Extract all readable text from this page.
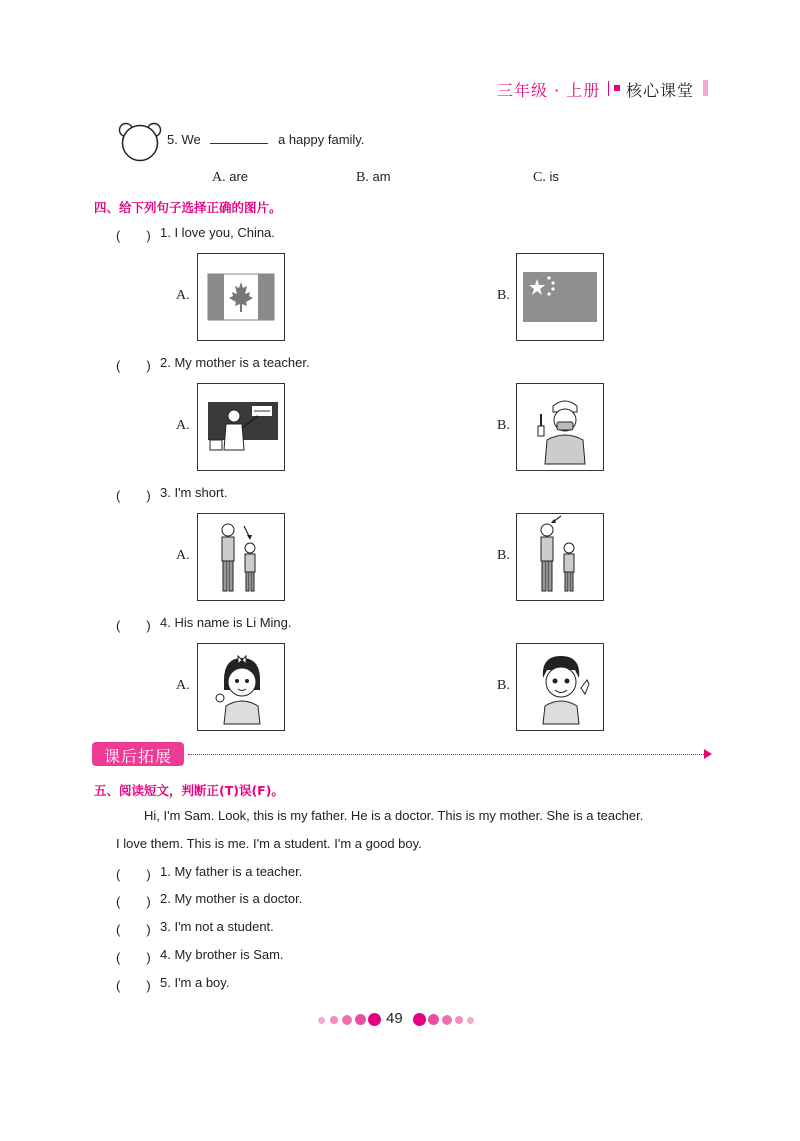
三年级 · 上册 核心课堂
5. We	a happy family.
A. are	B. am	C. is
四、给下列句子选择正确的图片。
(　　) 1. I love you, China.
A.	B.
(　　) 2. My mother is a teacher.
A.	B.
(　　) 3. I'm short.
A.	B.
(　　) 4. His name is Li Ming.
A.	B.
课后拓展
五、阅读短文，判断正(T)误(F)。
Hi, I'm Sam. Look, this is my father. He is a doctor. This is my mother. She is a teacher.
I love them. This is me. I'm a student. I'm a good boy.
(　　) 1. My father is a teacher.
(　　) 2. My mother is a doctor.
(　　) 3. I'm not a student.
(　　) 4. My brother is Sam.
(　　) 5. I'm a boy.
49
